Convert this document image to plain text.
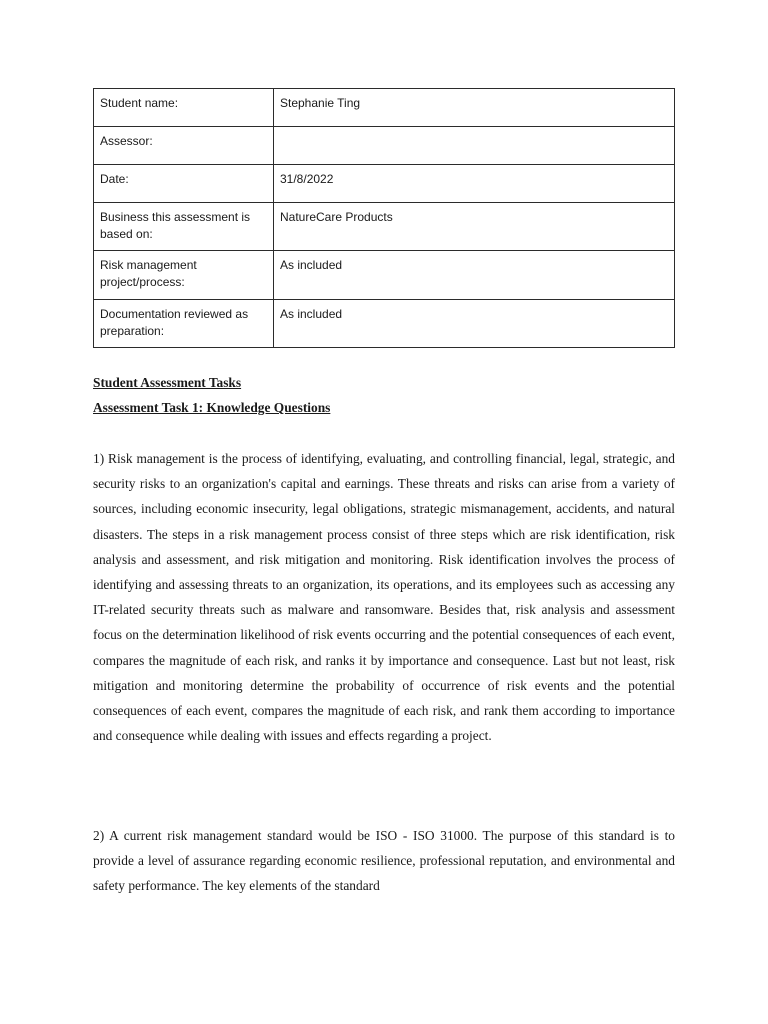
Student name:	Stephanie Ting
Assessor:	
Date:	31/8/2022
Business this assessment is based on:	NatureCare Products
Risk management project/process:	As included
Documentation reviewed as preparation:	As included

Student Assessment Tasks

Assessment Task 1: Knowledge Questions

1) Risk management is the process of identifying, evaluating, and controlling financial, legal, strategic, and security risks to an organization's capital and earnings. These threats and risks can arise from a variety of sources, including economic insecurity, legal obligations, strategic mismanagement, accidents, and natural disasters. The steps in a risk management process consist of three steps which are risk identification, risk analysis and assessment, and risk mitigation and monitoring. Risk identification involves the process of identifying and assessing threats to an organization, its operations, and its employees such as accessing any IT-related security threats such as malware and ransomware. Besides that, risk analysis and assessment focus on the determination likelihood of risk events occurring and the potential consequences of each event, compares the magnitude of each risk, and ranks it by importance and consequence. Last but not least, risk mitigation and monitoring determine the probability of occurrence of risk events and the potential consequences of each event, compares the magnitude of each risk, and rank them according to importance and consequence while dealing with issues and effects regarding a project.

2) A current risk management standard would be ISO - ISO 31000. The purpose of this standard is to provide a level of assurance regarding economic resilience, professional reputation, and environmental and safety performance. The key elements of the standard
